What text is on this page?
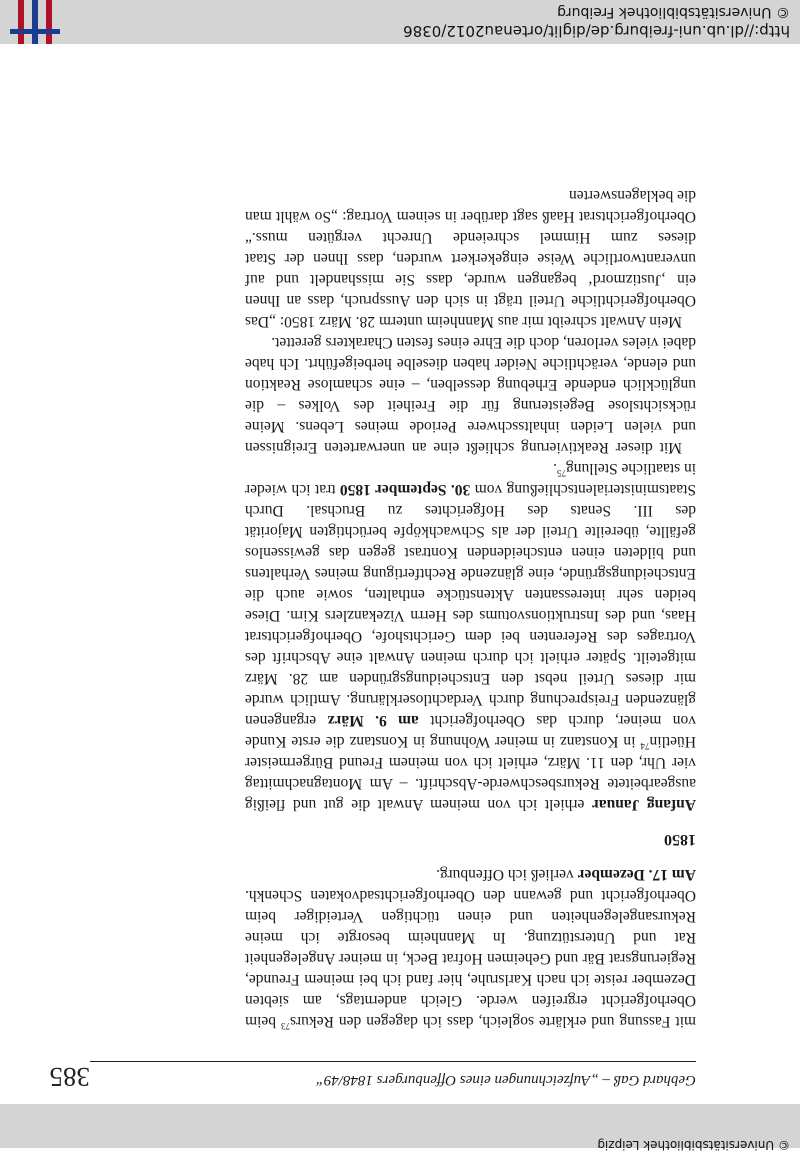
© Universitätsbibliothek Leipzig
http://dl.ub.uni-freiburg.de/diglit/ortenau2012/0386
© Universitätsbibliothek Freiburg
Gebhard Gaß – „Aufzeichnungen eines Offenburgers 1848/49“
385

mit Fassung und erklärte sogleich, dass ich dagegen den Rekurs$^{73}$ beim Oberhofgericht ergreifen werde. Gleich anderntags, am siebten Dezember reiste ich nach Karlsruhe, hier fand ich bei meinem Freunde, Regierungsrat Bär und Geheimen Hofrat Beck, in meiner Angelegenheit Rat und Unterstützung. In Mannheim besorgte ich meine Rekursangelegenheiten und einen tüchtigen Verteidiger beim Oberhofgericht und gewann den Oberhofgerichtsadvokaten Schenkh. Am 17. Dezember verließ ich Offenburg.

1850

Anfang Januar erhielt ich von meinem Anwalt die gut und fleißig ausgearbeitete Rekursbeschwerde-Abschrift. – Am Montagnachmittag vier Uhr, den 11. März, erhielt ich von meinem Freund Bürgermeister Hüetlin$^{74}$ in Konstanz in meiner Wohnung in Konstanz die erste Kunde von meiner, durch das Oberhofgericht am 9. März ergangenen glänzenden Freisprechung durch Verdachtloserklärung. Amtlich wurde mir dieses Urteil nebst den Entscheidungsgründen am 28. März mitgeteilt. Später erhielt ich durch meinen Anwalt eine Abschrift des Vortrages des Referenten bei dem Gerichtshofe, Oberhofgerichtsrat Haas, und des Instruktionsvotums des Herrn Vizekanzlers Kirn. Diese beiden sehr interessanten Aktenstücke enthalten, sowie auch die Entscheidungsgründe, eine glänzende Rechtfertigung meines Verhaltens und bildeten einen entscheidenden Kontrast gegen das gewissenlos gefällte, übereilte Urteil der als Schwachköpfe berüchtigten Majorität des III. Senats des Hofgerichtes zu Bruchsal. Durch Staatsministerialentschließung vom 30. September 1850 trat ich wieder in staatliche Stellung$^{75}$.

Mit dieser Reaktivierung schließt eine an unerwarteten Ereignissen und vielen Leiden inhaltsschwere Periode meines Lebens. Meine rücksichtslose Begeisterung für die Freiheit des Volkes – die unglücklich endende Erhebung desselben, – eine schamlose Reaktion und elende, verächtliche Neider haben dieselbe herbeigeführt. Ich habe dabei vieles verloren, doch die Ehre eines festen Charakters gerettet.

Mein Anwalt schreibt mir aus Mannheim unterm 28. März 1850: „Das Oberhofgerichtliche Urteil trägt in sich den Ausspruch, dass an Ihnen ein ‚Justizmord‘ begangen wurde, dass Sie misshandelt und auf unverantwortliche Weise eingekerkert wurden, dass Ihnen der Staat dieses zum Himmel schreiende Unrecht vergüten muss.“ Oberhofgerichtsrat Haaß sagt darüber in seinem Vortrag: „So wählt man die beklagenswerten
